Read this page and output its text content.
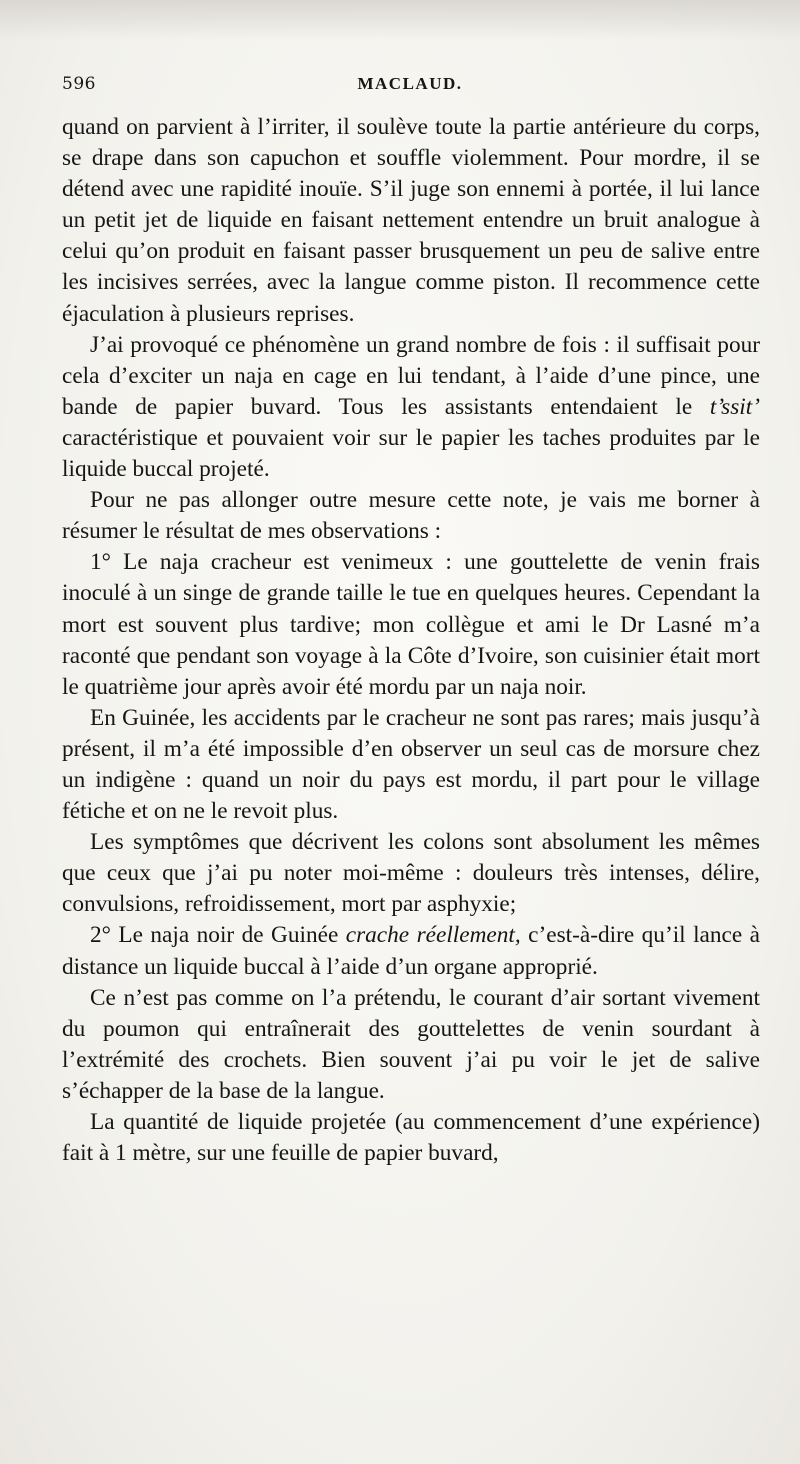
596	MACLAUD.

quand on parvient à l’irriter, il soulève toute la partie antérieure du corps, se drape dans son capuchon et souffle violemment. Pour mordre, il se détend avec une rapidité inouïe. S’il juge son ennemi à portée, il lui lance un petit jet de liquide en faisant nettement entendre un bruit analogue à celui qu’on produit en faisant passer brusquement un peu de salive entre les incisives serrées, avec la langue comme piston. Il recommence cette éjaculation à plusieurs reprises.

J’ai provoqué ce phénomène un grand nombre de fois : il suffisait pour cela d’exciter un naja en cage en lui tendant, à l’aide d’une pince, une bande de papier buvard. Tous les assistants entendaient le t’ssit’ caractéristique et pouvaient voir sur le papier les taches produites par le liquide buccal projeté.

Pour ne pas allonger outre mesure cette note, je vais me borner à résumer le résultat de mes observations :

1° Le naja cracheur est venimeux : une gouttelette de venin frais inoculé à un singe de grande taille le tue en quelques heures. Cependant la mort est souvent plus tardive; mon collègue et ami le Dr Lasné m’a raconté que pendant son voyage à la Côte d’Ivoire, son cuisinier était mort le quatrième jour après avoir été mordu par un naja noir.

En Guinée, les accidents par le cracheur ne sont pas rares; mais jusqu’à présent, il m’a été impossible d’en observer un seul cas de morsure chez un indigène : quand un noir du pays est mordu, il part pour le village fétiche et on ne le revoit plus.

Les symptômes que décrivent les colons sont absolument les mêmes que ceux que j’ai pu noter moi-même : douleurs très intenses, délire, convulsions, refroidissement, mort par asphyxie;

2° Le naja noir de Guinée crache réellement, c’est-à-dire qu’il lance à distance un liquide buccal à l’aide d’un organe approprié.

Ce n’est pas comme on l’a prétendu, le courant d’air sortant vivement du poumon qui entraînerait des gouttelettes de venin sourdant à l’extrémité des crochets. Bien souvent j’ai pu voir le jet de salive s’échapper de la base de la langue.

La quantité de liquide projetée (au commencement d’une expérience) fait à 1 mètre, sur une feuille de papier buvard,
